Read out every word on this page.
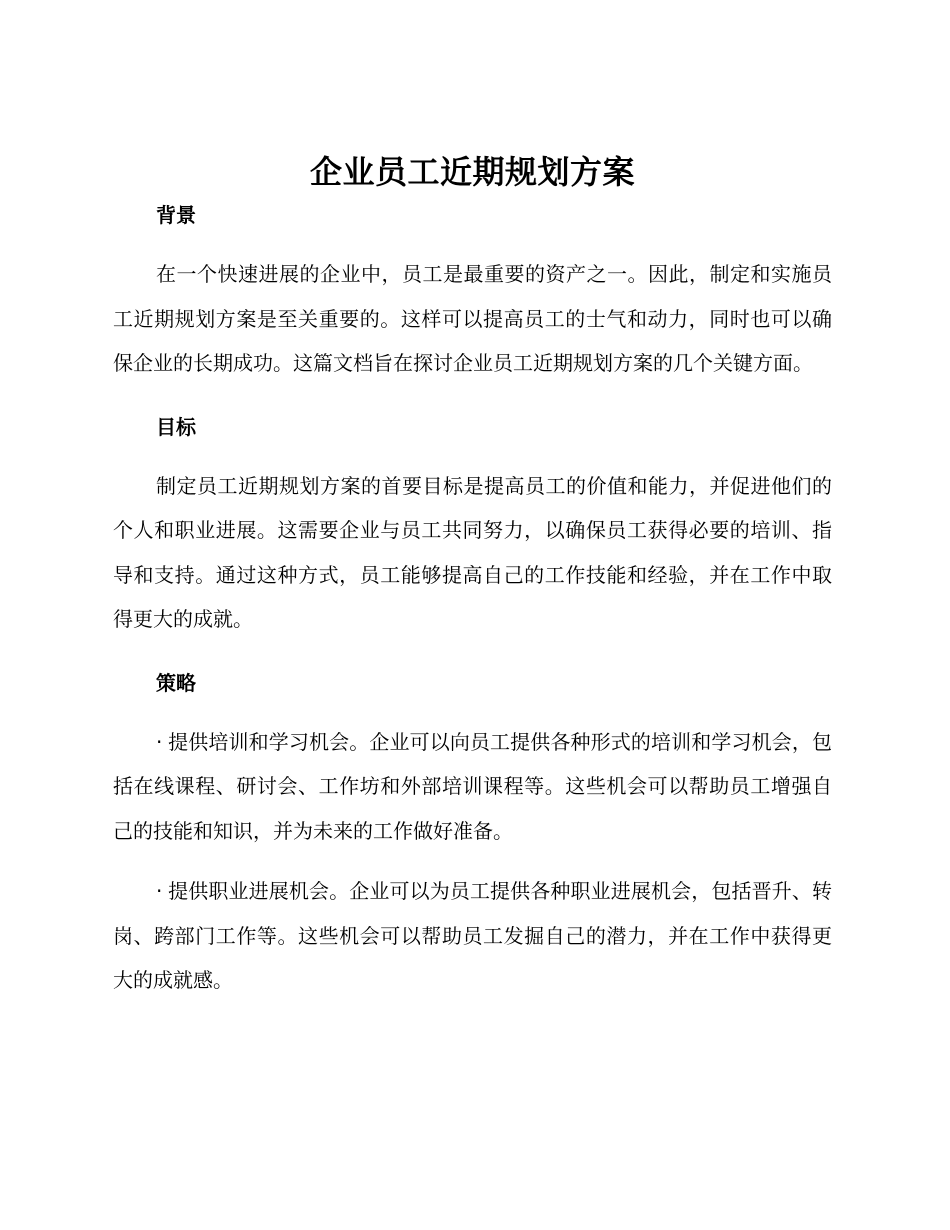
企业员工近期规划方案
背景

在一个快速进展的企业中，员工是最重要的资产之一。因此，制定和实施员工近期规划方案是至关重要的。这样可以提高员工的士气和动力，同时也可以确保企业的长期成功。这篇文档旨在探讨企业员工近期规划方案的几个关键方面。

目标

制定员工近期规划方案的首要目标是提高员工的价值和能力，并促进他们的个人和职业进展。这需要企业与员工共同努力，以确保员工获得必要的培训、指导和支持。通过这种方式，员工能够提高自己的工作技能和经验，并在工作中取得更大的成就。

策略

· 提供培训和学习机会。企业可以向员工提供各种形式的培训和学习机会，包括在线课程、研讨会、工作坊和外部培训课程等。这些机会可以帮助员工增强自己的技能和知识，并为未来的工作做好准备。

· 提供职业进展机会。企业可以为员工提供各种职业进展机会，包括晋升、转岗、跨部门工作等。这些机会可以帮助员工发掘自己的潜力，并在工作中获得更大的成就感。
